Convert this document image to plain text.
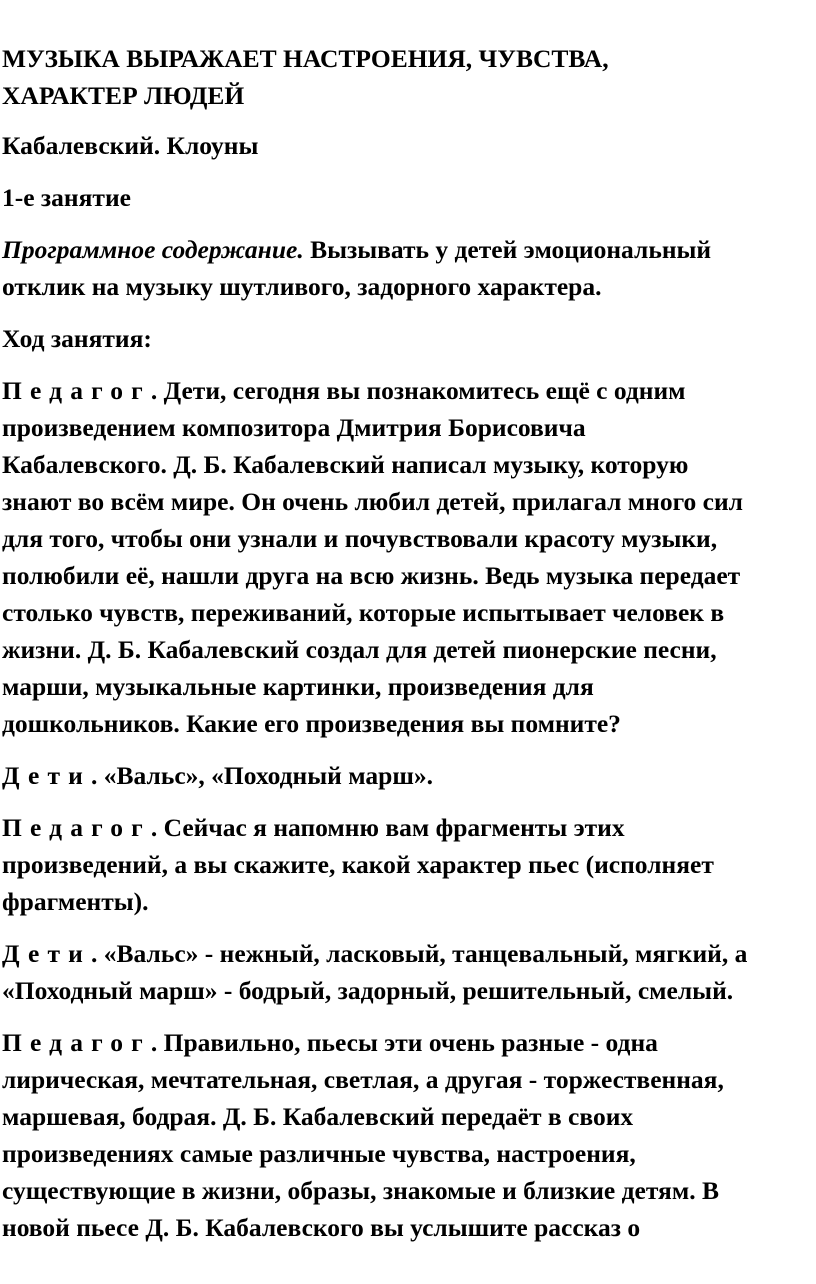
МУЗЫКА ВЫРАЖАЕТ НАСТРОЕНИЯ, ЧУВСТВА,
ХАРАКТЕР ЛЮДЕЙ
Кабалевский. Клоуны
1-е занятие
Программное содержание. Вызывать у детей эмоциональный
отклик на музыку шутливого, задорного характера.
Ход занятия:
Педагог. Дети, сегодня вы познакомитесь ещё с одним
произведением композитора Дмитрия Борисовича
Кабалевского. Д. Б. Кабалевский написал музыку, которую
знают во всём мире. Он очень любил детей, прилагал много сил
для того, чтобы они узнали и почувствовали красоту музыки,
полюбили её, нашли друга на всю жизнь. Ведь музыка передает
столько чувств, переживаний, которые испытывает человек в
жизни. Д. Б. Кабалевский создал для детей пионерские песни,
марши, музыкальные картинки, произведения для
дошкольников. Какие его произведения вы помните?
Дети. «Вальс», «Походный марш».
Педагог. Сейчас я напомню вам фрагменты этих
произведений, а вы скажите, какой характер пьес (исполняет
фрагменты).
Дети. «Вальс» - нежный, ласковый, танцевальный, мягкий, а
«Походный марш» - бодрый, задорный, решительный, смелый.
Педагог. Правильно, пьесы эти очень разные - одна
лирическая, мечтательная, светлая, а другая - торжественная,
маршевая, бодрая. Д. Б. Кабалевский передаёт в своих
произведениях самые различные чувства, настроения,
существующие в жизни, образы, знакомые и близкие детям. В
новой пьесе Д. Б. Кабалевского вы услышите рассказ о
